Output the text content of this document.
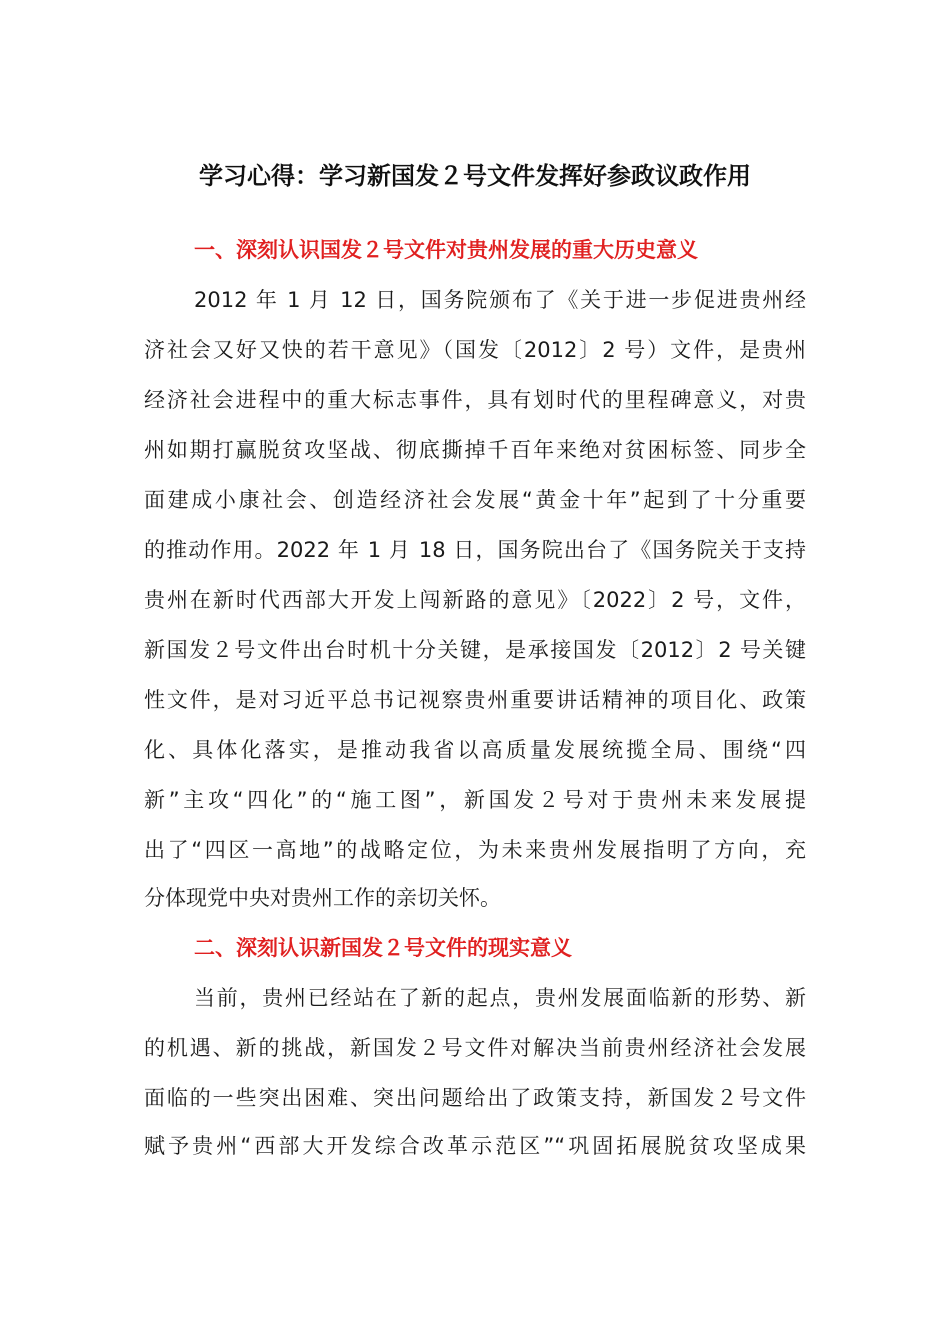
学习心得：学习新国发２号文件发挥好参政议政作用
一、深刻认识国发２号文件对贵州发展的重大历史意义

2012 年 1 月 12 日，国务院颁布了《关于进一步促进贵州经

济社会又好又快的若干意见》（国发〔2012〕2 号）文件，是贵州

经济社会进程中的重大标志事件，具有划时代的里程碑意义，对贵

州如期打赢脱贫攻坚战、彻底撕掉千百年来绝对贫困标签、同步全

面建成小康社会、创造经济社会发展“黄金十年”起到了十分重要

的推动作用。2022 年 1 月 18 日，国务院出台了《国务院关于支持

贵州在新时代西部大开发上闯新路的意见》〔2022〕2 号，文件，

新国发２号文件出台时机十分关键，是承接国发〔2012〕2 号关键

性文件，是对习近平总书记视察贵州重要讲话精神的项目化、政策

化、具体化落实，是推动我省以高质量发展统揽全局、围绕“四

新”主攻“四化”的“施工图”，新国发２号对于贵州未来发展提

出了“四区一高地”的战略定位，为未来贵州发展指明了方向，充

分体现党中央对贵州工作的亲切关怀。

二、深刻认识新国发２号文件的现实意义

当前，贵州已经站在了新的起点，贵州发展面临新的形势、新

的机遇、新的挑战，新国发２号文件对解决当前贵州经济社会发展

面临的一些突出困难、突出问题给出了政策支持，新国发２号文件

赋予贵州“西部大开发综合改革示范区”“巩固拓展脱贫攻坚成果
